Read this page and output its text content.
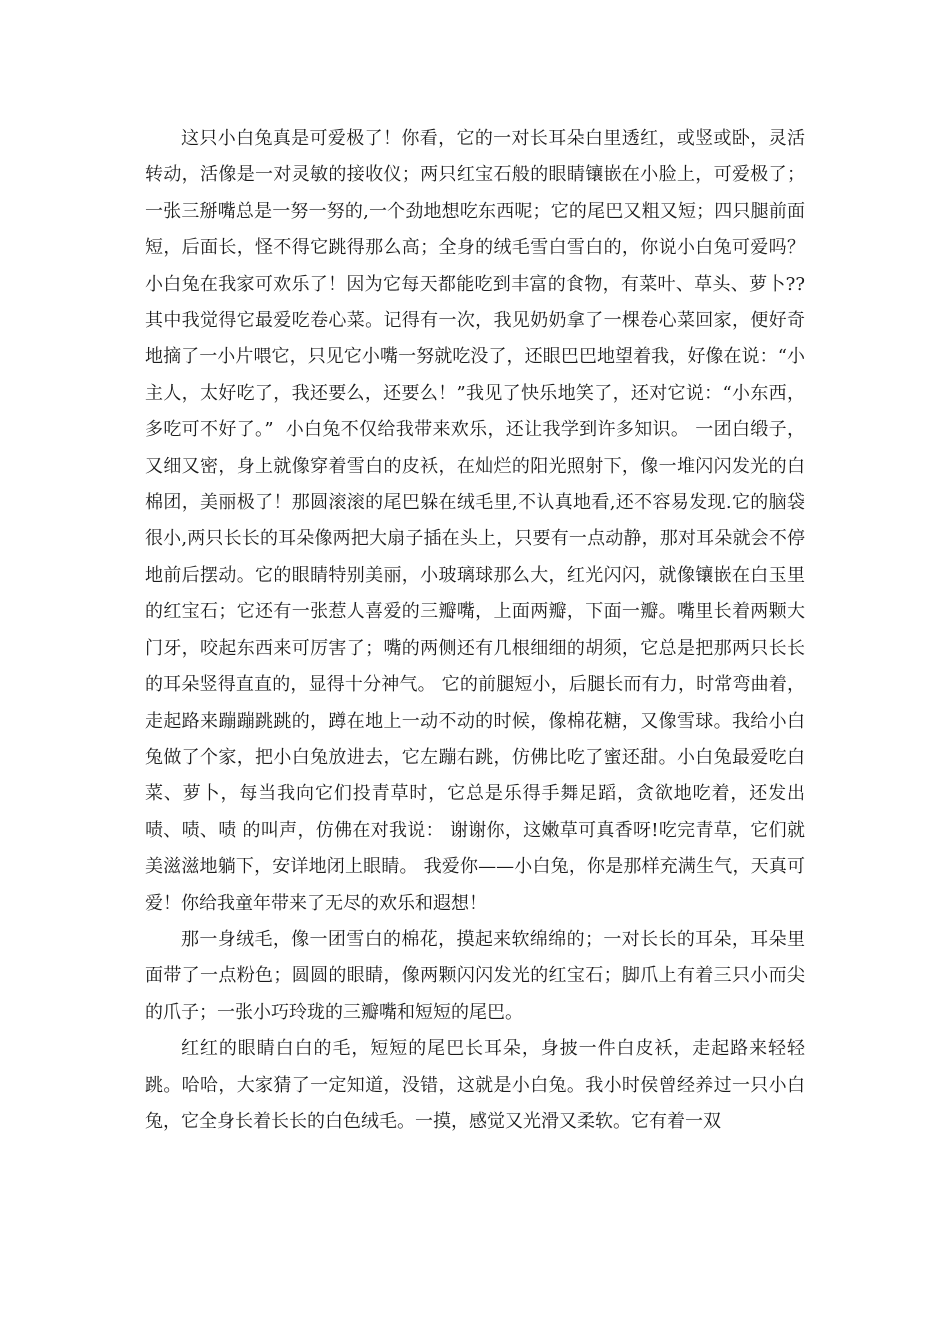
这只小白兔真是可爱极了！你看，它的一对长耳朵白里透红，或竖或卧，灵活转动，活像是一对灵敏的接收仪；两只红宝石般的眼睛镶嵌在小脸上，可爱极了；一张三掰嘴总是一努一努的,一个劲地想吃东西呢；它的尾巴又粗又短；四只腿前面短，后面长，怪不得它跳得那么高；全身的绒毛雪白雪白的，你说小白兔可爱吗？  小白兔在我家可欢乐了！因为它每天都能吃到丰富的食物，有菜叶、草头、萝卜??其中我觉得它最爱吃卷心菜。记得有一次，我见奶奶拿了一棵卷心菜回家，便好奇地摘了一小片喂它，只见它小嘴一努就吃没了，还眼巴巴地望着我，好像在说：“小主人，太好吃了，我还要么，还要么！”我见了快乐地笑了，还对它说：“小东西，多吃可不好了。”  小白兔不仅给我带来欢乐，还让我学到许多知识。 一团白缎子，又细又密，身上就像穿着雪白的皮袄，在灿烂的阳光照射下，像一堆闪闪发光的白棉团，美丽极了！那圆滚滚的尾巴躲在绒毛里,不认真地看,还不容易发现.它的脑袋很小,两只长长的耳朵像两把大扇子插在头上，只要有一点动静，那对耳朵就会不停地前后摆动。它的眼睛特别美丽，小玻璃球那么大，红光闪闪，就像镶嵌在白玉里的红宝石；它还有一张惹人喜爱的三瓣嘴，上面两瓣，下面一瓣。嘴里长着两颗大门牙，咬起东西来可厉害了；嘴的两侧还有几根细细的胡须，它总是把那两只长长的耳朵竖得直直的，显得十分神气。 它的前腿短小，后腿长而有力，时常弯曲着，走起路来蹦蹦跳跳的，蹲在地上一动不动的时候，像棉花糖，又像雪球。我给小白兔做了个家，把小白兔放进去，它左蹦右跳，仿佛比吃了蜜还甜。小白兔最爱吃白菜、萝卜，每当我向它们投青草时，它总是乐得手舞足蹈，贪欲地吃着，还发出 啧、啧、啧 的叫声，仿佛在对我说： 谢谢你，这嫩草可真香呀!吃完青草，它们就美滋滋地躺下，安详地闭上眼睛。 我爱你——小白兔，你是那样充满生气，天真可爱！你给我童年带来了无尽的欢乐和遐想！

那一身绒毛，像一团雪白的棉花，摸起来软绵绵的；一对长长的耳朵，耳朵里面带了一点粉色；圆圆的眼睛，像两颗闪闪发光的红宝石；脚爪上有着三只小而尖的爪子；一张小巧玲珑的三瓣嘴和短短的尾巴。

红红的眼睛白白的毛，短短的尾巴长耳朵，身披一件白皮袄，走起路来轻轻跳。哈哈，大家猜了一定知道，没错，这就是小白兔。我小时侯曾经养过一只小白兔，它全身长着长长的白色绒毛。一摸，感觉又光滑又柔软。它有着一双
